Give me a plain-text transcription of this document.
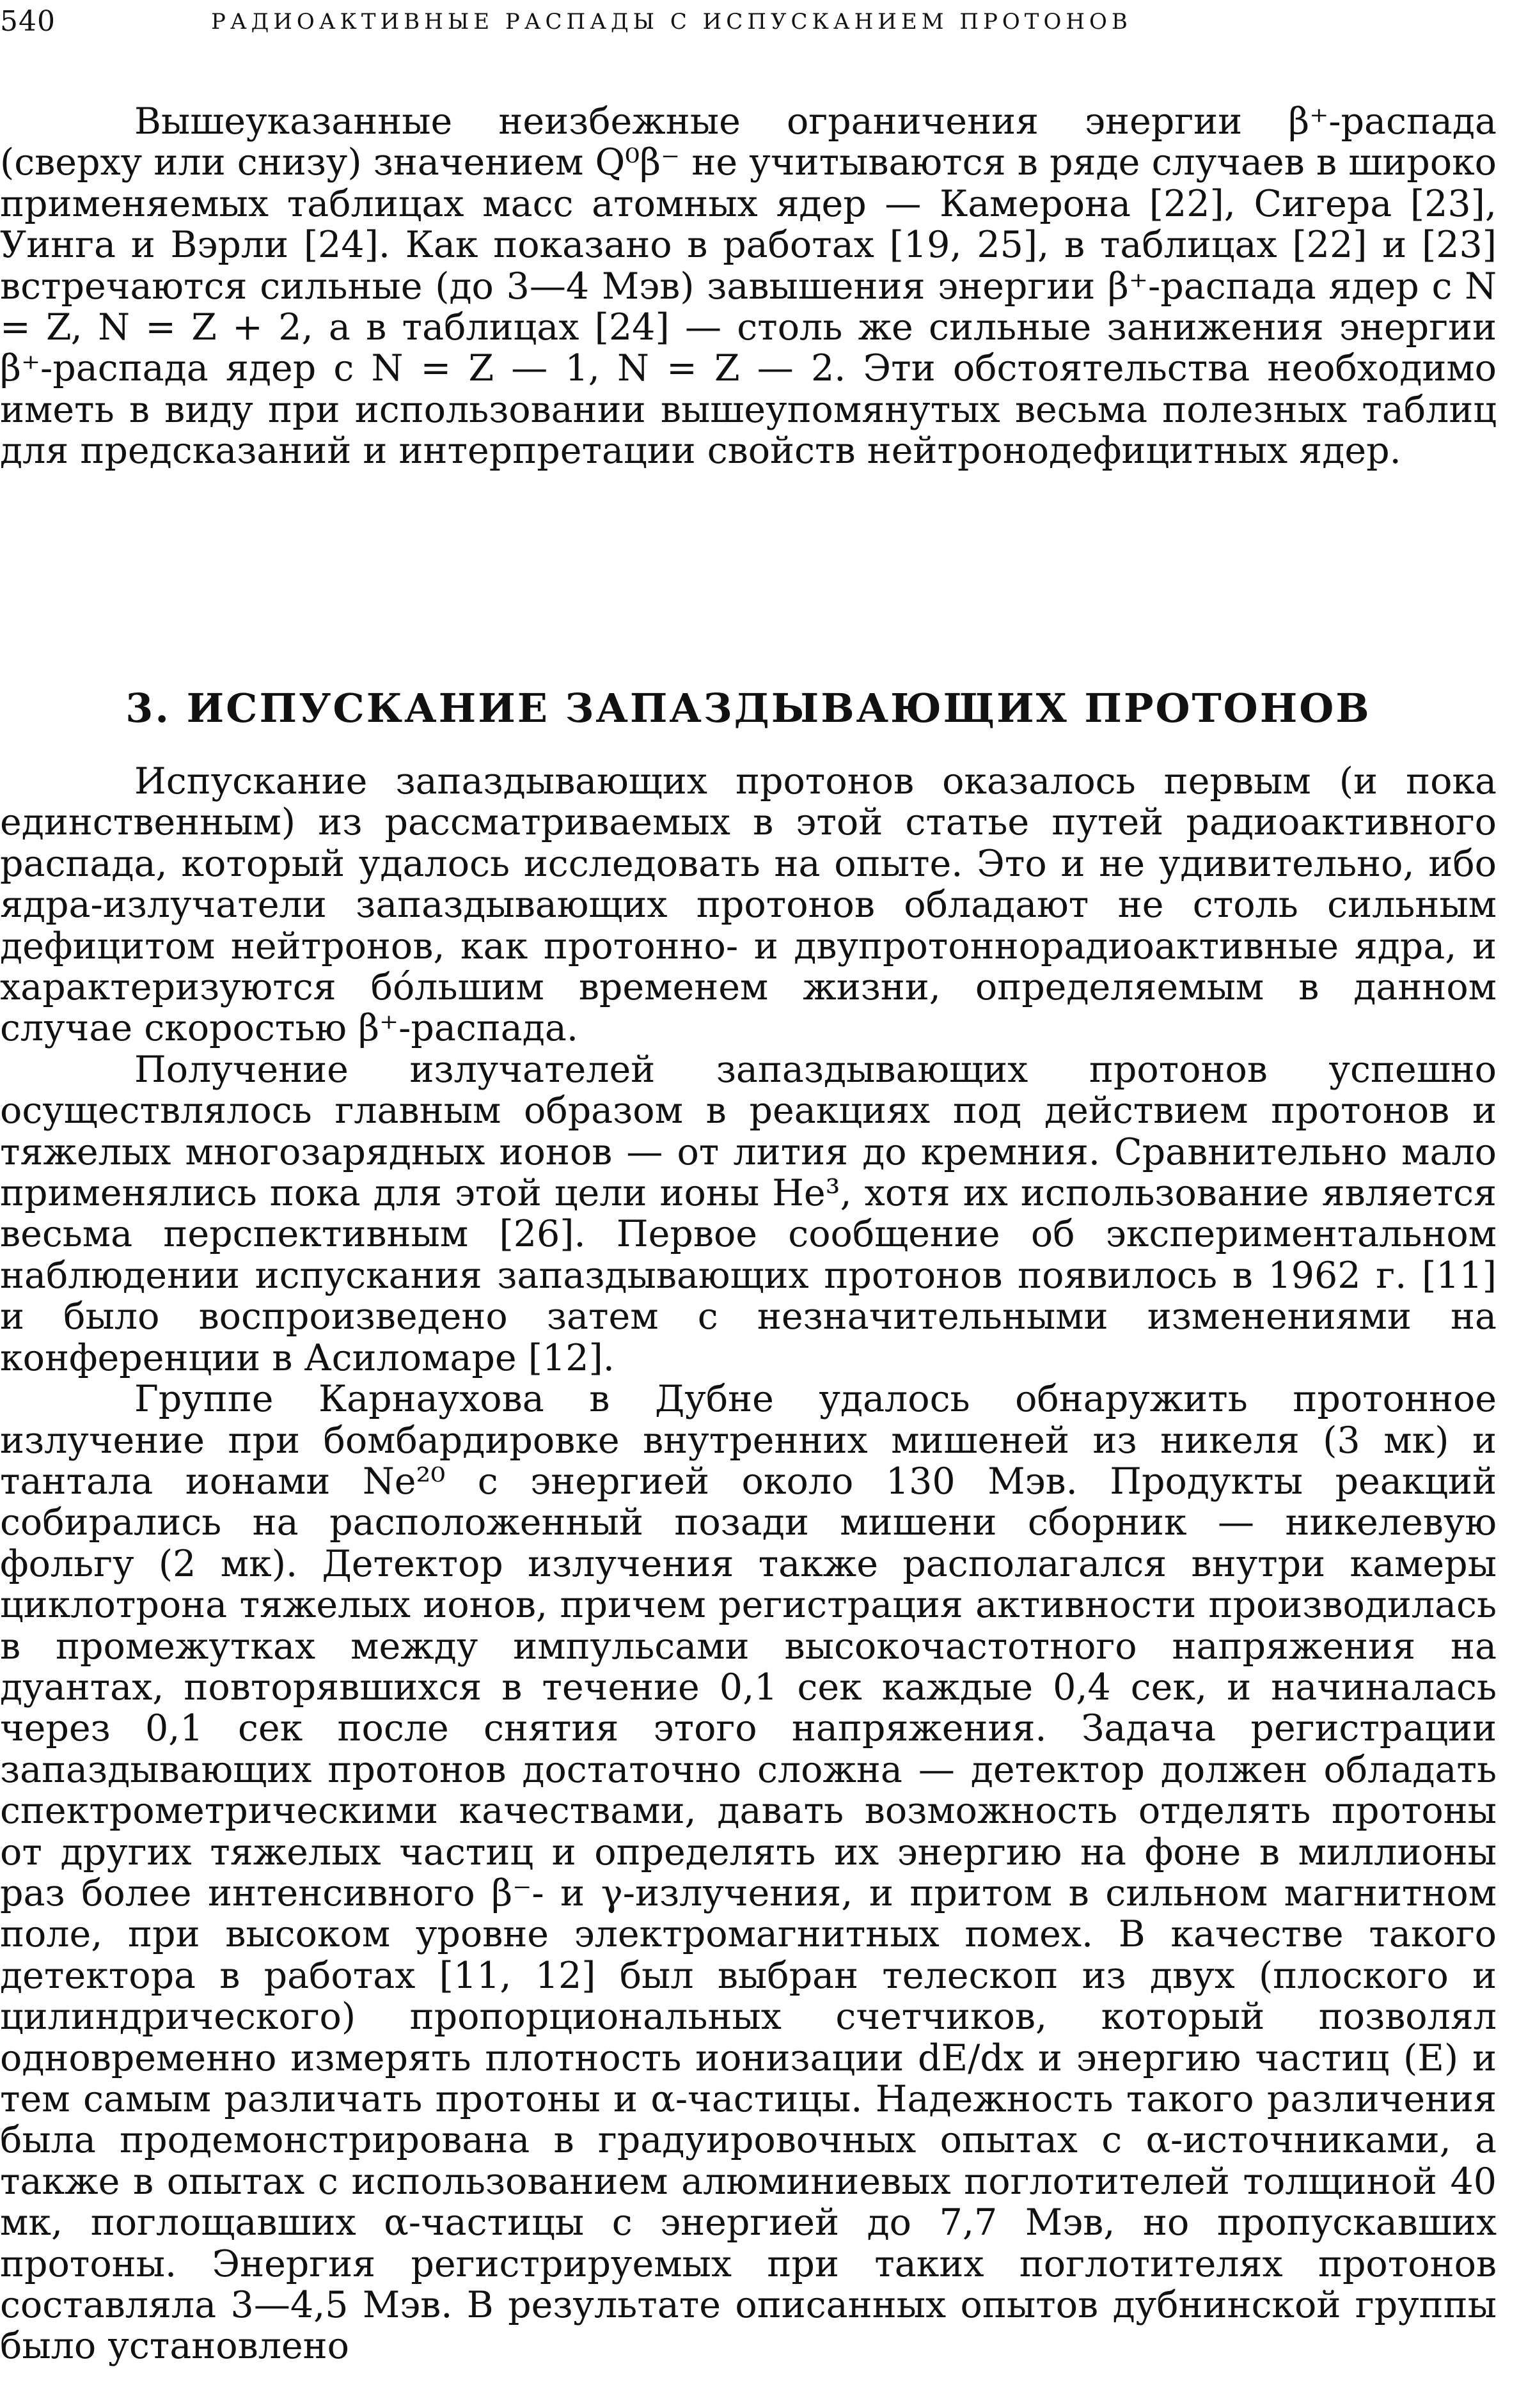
540	РАДИОАКТИВНЫЕ РАСПАДЫ С ИСПУСКАНИЕМ ПРОТОНОВ

Вышеуказанные неизбежные ограничения энергии β⁺-распада (сверху или снизу) значением Q⁰β⁻ не учитываются в ряде случаев в широко применяемых таблицах масс атомных ядер — Камерона [22], Сигера [23], Уинга и Вэрли [24]. Как показано в работах [19, 25], в таблицах [22] и [23] встречаются сильные (до 3—4 Мэв) завышения энергии β⁺-распада ядер с N = Z, N = Z + 2, а в таблицах [24] — столь же сильные занижения энергии β⁺-распада ядер с N = Z — 1, N = Z — 2. Эти обстоятельства необходимо иметь в виду при использовании вышеупомянутых весьма полезных таблиц для предсказаний и интерпретации свойств нейтронодефицитных ядер.

3. ИСПУСКАНИЕ ЗАПАЗДЫВАЮЩИХ ПРОТОНОВ

Испускание запаздывающих протонов оказалось первым (и пока единственным) из рассматриваемых в этой статье путей радиоактивного распада, который удалось исследовать на опыте. Это и не удивительно, ибо ядра-излучатели запаздывающих протонов обладают не столь сильным дефицитом нейтронов, как протонно- и двупротоннорадиоактивные ядра, и характеризуются бо́льшим временем жизни, определяемым в данном случае скоростью β⁺-распада.

Получение излучателей запаздывающих протонов успешно осуществлялось главным образом в реакциях под действием протонов и тяжелых многозарядных ионов — от лития до кремния. Сравнительно мало применялись пока для этой цели ионы He³, хотя их использование является весьма перспективным [26]. Первое сообщение об экспериментальном наблюдении испускания запаздывающих протонов появилось в 1962 г. [11] и было воспроизведено затем с незначительными изменениями на конференции в Асиломаре [12].

Группе Карнаухова в Дубне удалось обнаружить протонное излучение при бомбардировке внутренних мишеней из никеля (3 мк) и тантала ионами Ne²⁰ с энергией около 130 Мэв. Продукты реакций собирались на расположенный позади мишени сборник — никелевую фольгу (2 мк). Детектор излучения также располагался внутри камеры циклотрона тяжелых ионов, причем регистрация активности производилась в промежутках между импульсами высокочастотного напряжения на дуантах, повторявшихся в течение 0,1 сек каждые 0,4 сек, и начиналась через 0,1 сек после снятия этого напряжения. Задача регистрации запаздывающих протонов достаточно сложна — детектор должен обладать спектрометрическими качествами, давать возможность отделять протоны от других тяжелых частиц и определять их энергию на фоне в миллионы раз более интенсивного β⁻- и γ-излучения, и притом в сильном магнитном поле, при высоком уровне электромагнитных помех. В качестве такого детектора в работах [11, 12] был выбран телескоп из двух (плоского и цилиндрического) пропорциональных счетчиков, который позволял одновременно измерять плотность ионизации dE/dx и энергию частиц (E) и тем самым различать протоны и α-частицы. Надежность такого различения была продемонстрирована в градуировочных опытах с α-источниками, а также в опытах с использованием алюминиевых поглотителей толщиной 40 мк, поглощавших α-частицы с энергией до 7,7 Мэв, но пропускавших протоны. Энергия регистрируемых при таких поглотителях протонов составляла 3—4,5 Мэв. В результате описанных опытов дубнинской группы было установлено
